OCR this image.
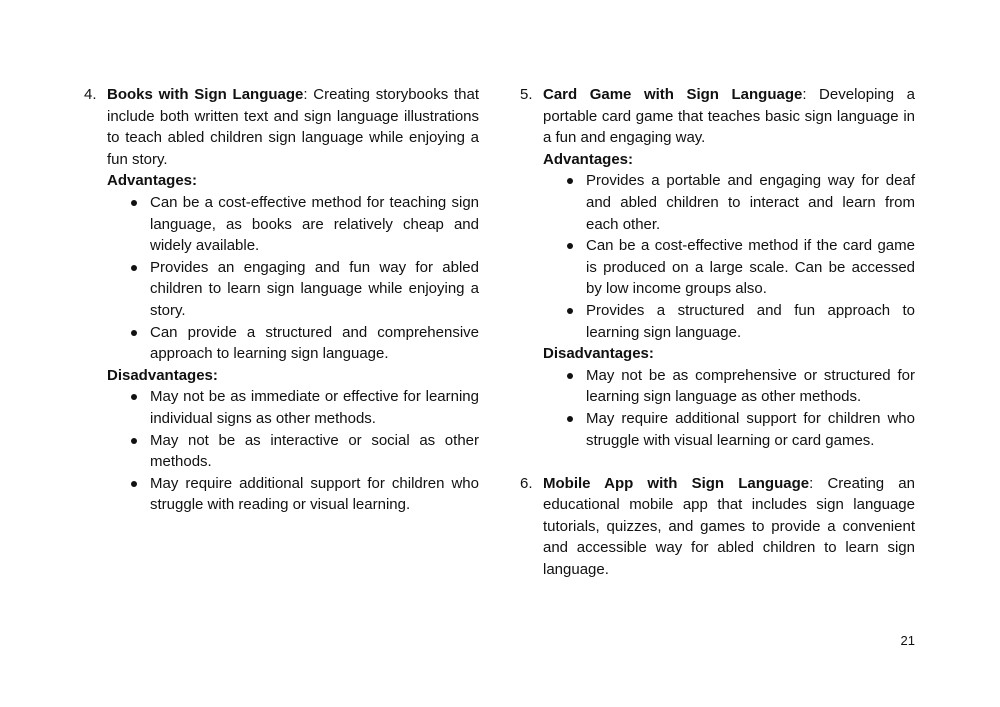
4. Books with Sign Language: Creating storybooks that include both written text and sign language illustrations to teach abled children sign language while enjoying a fun story.
Advantages:
Can be a cost-effective method for teaching sign language, as books are relatively cheap and widely available.
Provides an engaging and fun way for abled children to learn sign language while enjoying a story.
Can provide a structured and comprehensive approach to learning sign language.
Disadvantages:
May not be as immediate or effective for learning individual signs as other methods.
May not be as interactive or social as other methods.
May require additional support for children who struggle with reading or visual learning.
5. Card Game with Sign Language: Developing a portable card game that teaches basic sign language in a fun and engaging way.
Advantages:
Provides a portable and engaging way for deaf and abled children to interact and learn from each other.
Can be a cost-effective method if the card game is produced on a large scale. Can be accessed by low income groups also.
Provides a structured and fun approach to learning sign language.
Disadvantages:
May not be as comprehensive or structured for learning sign language as other methods.
May require additional support for children who struggle with visual learning or card games.
6. Mobile App with Sign Language: Creating an educational mobile app that includes sign language tutorials, quizzes, and games to provide a convenient and accessible way for abled children to learn sign language.
21
